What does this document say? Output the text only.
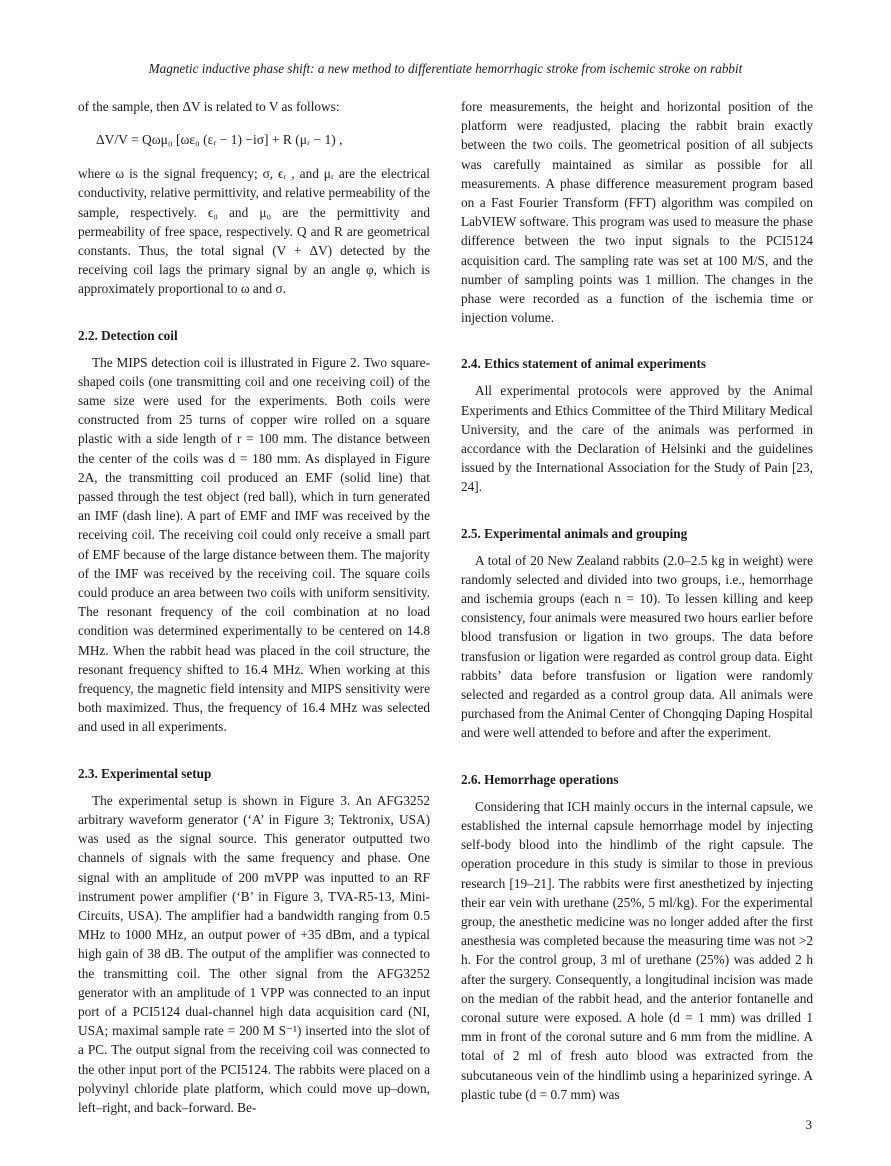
Magnetic inductive phase shift: a new method to differentiate hemorrhagic stroke from ischemic stroke on rabbit

of the sample, then ΔV is related to V as follows:

ΔV/V = Qωμ₀ [ωε₀ (εᵣ − 1) −iσ] + R (μᵣ − 1) ,

where ω is the signal frequency; σ, ϵᵣ , and μᵣ are the electrical conductivity, relative permittivity, and relative permeability of the sample, respectively. ϵ₀ and μ₀ are the permittivity and permeability of free space, respectively. Q and R are geometrical constants. Thus, the total signal (V + ΔV) detected by the receiving coil lags the primary signal by an angle φ, which is approximately proportional to ω and σ.

2.2. Detection coil

The MIPS detection coil is illustrated in Figure 2. Two square-shaped coils (one transmitting coil and one receiving coil) of the same size were used for the experiments. Both coils were constructed from 25 turns of copper wire rolled on a square plastic with a side length of r = 100 mm. The distance between the center of the coils was d = 180 mm. As displayed in Figure 2A, the transmitting coil produced an EMF (solid line) that passed through the test object (red ball), which in turn generated an IMF (dash line). A part of EMF and IMF was received by the receiving coil. The receiving coil could only receive a small part of EMF because of the large distance between them. The majority of the IMF was received by the receiving coil. The square coils could produce an area between two coils with uniform sensitivity. The resonant frequency of the coil combination at no load condition was determined experimentally to be centered on 14.8 MHz. When the rabbit head was placed in the coil structure, the resonant frequency shifted to 16.4 MHz. When working at this frequency, the magnetic field intensity and MIPS sensitivity were both maximized. Thus, the frequency of 16.4 MHz was selected and used in all experiments.

2.3. Experimental setup

The experimental setup is shown in Figure 3. An AFG3252 arbitrary waveform generator (‘A’ in Figure 3; Tektronix, USA) was used as the signal source. This generator outputted two channels of signals with the same frequency and phase. One signal with an amplitude of 200 mVPP was inputted to an RF instrument power amplifier (‘B’ in Figure 3, TVA-R5-13, Mini-Circuits, USA). The amplifier had a bandwidth ranging from 0.5 MHz to 1000 MHz, an output power of +35 dBm, and a typical high gain of 38 dB. The output of the amplifier was connected to the transmitting coil. The other signal from the AFG3252 generator with an amplitude of 1 VPP was connected to an input port of a PCI5124 dual-channel high data acquisition card (NI, USA; maximal sample rate = 200 M S⁻¹) inserted into the slot of a PC. The output signal from the receiving coil was connected to the other input port of the PCI5124. The rabbits were placed on a polyvinyl chloride plate platform, which could move up–down, left–right, and back–forward. Be-

fore measurements, the height and horizontal position of the platform were readjusted, placing the rabbit brain exactly between the two coils. The geometrical position of all subjects was carefully maintained as similar as possible for all measurements. A phase difference measurement program based on a Fast Fourier Transform (FFT) algorithm was compiled on LabVIEW software. This program was used to measure the phase difference between the two input signals to the PCI5124 acquisition card. The sampling rate was set at 100 M/S, and the number of sampling points was 1 million. The changes in the phase were recorded as a function of the ischemia time or injection volume.

2.4. Ethics statement of animal experiments

All experimental protocols were approved by the Animal Experiments and Ethics Committee of the Third Military Medical University, and the care of the animals was performed in accordance with the Declaration of Helsinki and the guidelines issued by the International Association for the Study of Pain [23, 24].

2.5. Experimental animals and grouping

A total of 20 New Zealand rabbits (2.0–2.5 kg in weight) were randomly selected and divided into two groups, i.e., hemorrhage and ischemia groups (each n = 10). To lessen killing and keep consistency, four animals were measured two hours earlier before blood transfusion or ligation in two groups. The data before transfusion or ligation were regarded as control group data. Eight rabbits’ data before transfusion or ligation were randomly selected and regarded as a control group data. All animals were purchased from the Animal Center of Chongqing Daping Hospital and were well attended to before and after the experiment.

2.6. Hemorrhage operations

Considering that ICH mainly occurs in the internal capsule, we established the internal capsule hemorrhage model by injecting self-body blood into the hindlimb of the right capsule. The operation procedure in this study is similar to those in previous research [19–21]. The rabbits were first anesthetized by injecting their ear vein with urethane (25%, 5 ml/kg). For the experimental group, the anesthetic medicine was no longer added after the first anesthesia was completed because the measuring time was not >2 h. For the control group, 3 ml of urethane (25%) was added 2 h after the surgery. Consequently, a longitudinal incision was made on the median of the rabbit head, and the anterior fontanelle and coronal suture were exposed. A hole (d = 1 mm) was drilled 1 mm in front of the coronal suture and 6 mm from the midline. A total of 2 ml of fresh auto blood was extracted from the subcutaneous vein of the hindlimb using a heparinized syringe. A plastic tube (d = 0.7 mm) was

3
